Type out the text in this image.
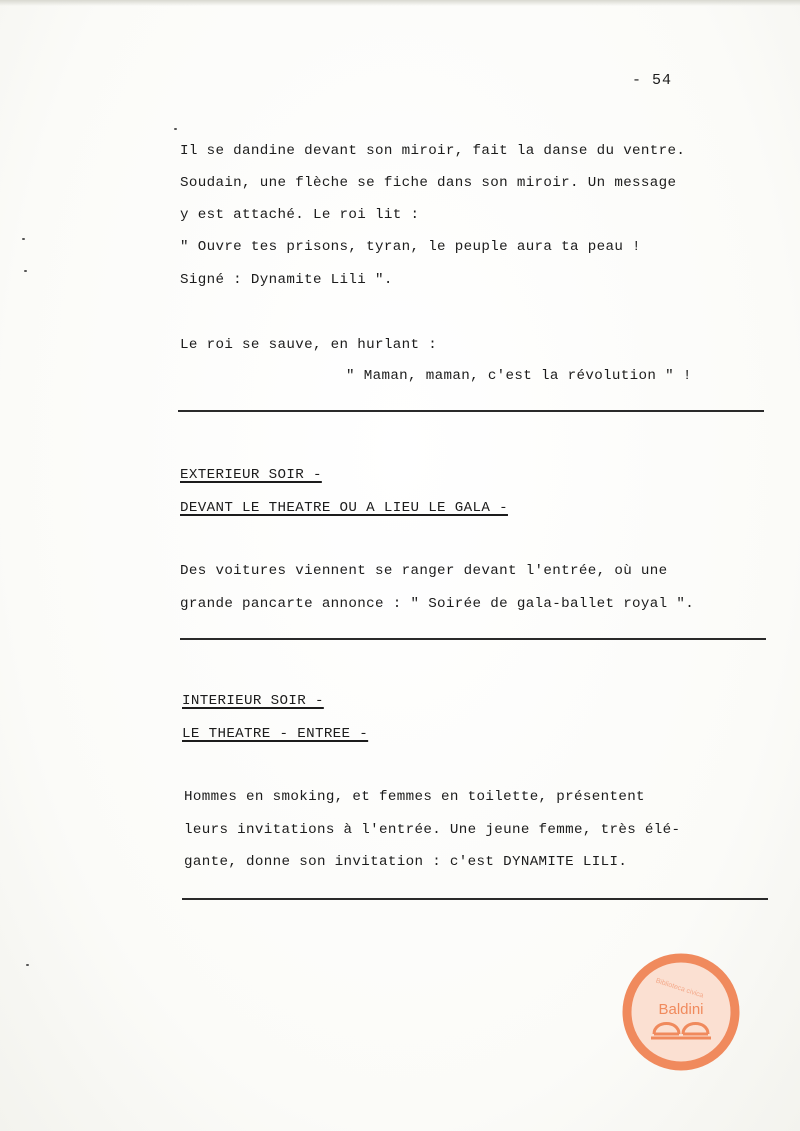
- 54
Il se dandine devant son miroir, fait la danse du ventre.
Soudain, une flèche se fiche dans son miroir. Un message
y est attaché. Le roi lit :
" Ouvre tes prisons, tyran, le peuple aura ta peau !
Signé : Dynamite Lili ".
Le roi se sauve, en hurlant :
" Maman, maman, c'est la révolution " !
EXTERIEUR SOIR -
DEVANT LE THEATRE OU A LIEU LE GALA -
Des voitures viennent se ranger devant l'entrée, où une
grande pancarte annonce : " Soirée de gala-ballet royal ".
INTERIEUR SOIR -
LE THEATRE - ENTREE -
Hommes en smoking, et femmes en toilette, présentent
leurs invitations à l'entrée. Une jeune femme, très élé-
gante, donne son invitation : c'est DYNAMITE LILI.
Biblioteca civica
Baldini
